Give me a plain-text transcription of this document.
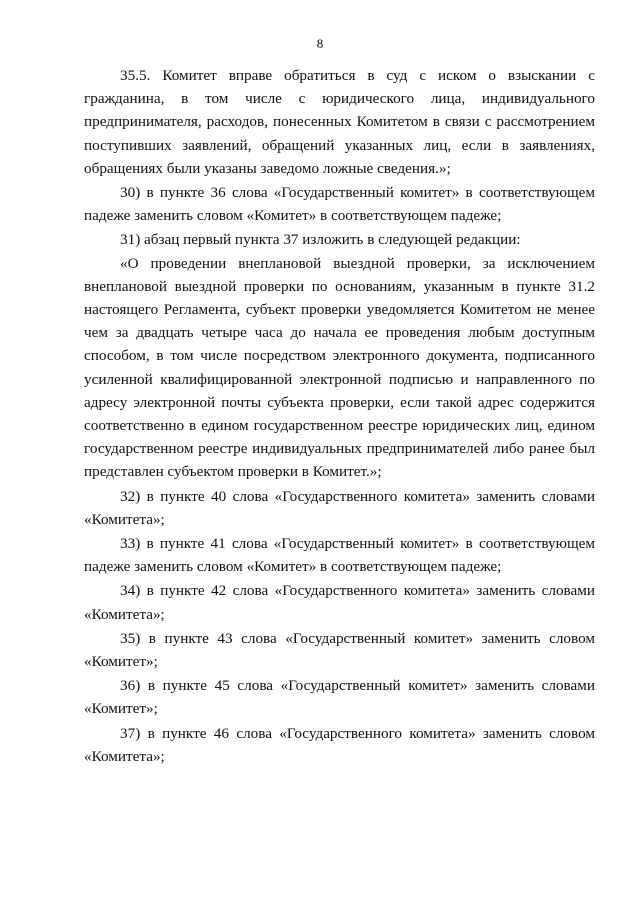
8

35.5. Комитет вправе обратиться в суд с иском о взыскании с гражданина, в том числе с юридического лица, индивидуального предпринимателя, расходов, понесенных Комитетом в связи с рассмотрением поступивших заявлений, обращений указанных лиц, если в заявлениях, обращениях были указаны заведомо ложные сведения.»;

30) в пункте 36 слова «Государственный комитет» в соответствующем падеже заменить словом «Комитет» в соответствующем падеже;

31) абзац первый пункта 37 изложить в следующей редакции:

«О проведении внеплановой выездной проверки, за исключением внеплановой выездной проверки по основаниям, указанным в пункте 31.2 настоящего Регламента, субъект проверки уведомляется Комитетом не менее чем за двадцать четыре часа до начала ее проведения любым доступным способом, в том числе посредством электронного документа, подписанного усиленной квалифицированной электронной подписью и направленного по адресу электронной почты субъекта проверки, если такой адрес содержится соответственно в едином государственном реестре юридических лиц, едином государственном реестре индивидуальных предпринимателей либо ранее был представлен субъектом проверки в Комитет.»;

32) в пункте 40 слова «Государственного комитета» заменить словами «Комитета»;

33) в пункте 41 слова «Государственный комитет» в соответствующем падеже заменить словом «Комитет» в соответствующем падеже;

34) в пункте 42 слова «Государственного комитета» заменить словами «Комитета»;

35) в пункте 43 слова «Государственный комитет» заменить словом «Комитет»;

36) в пункте 45 слова «Государственный комитет» заменить словами «Комитет»;

37) в пункте 46 слова «Государственного комитета» заменить словом «Комитета»;
